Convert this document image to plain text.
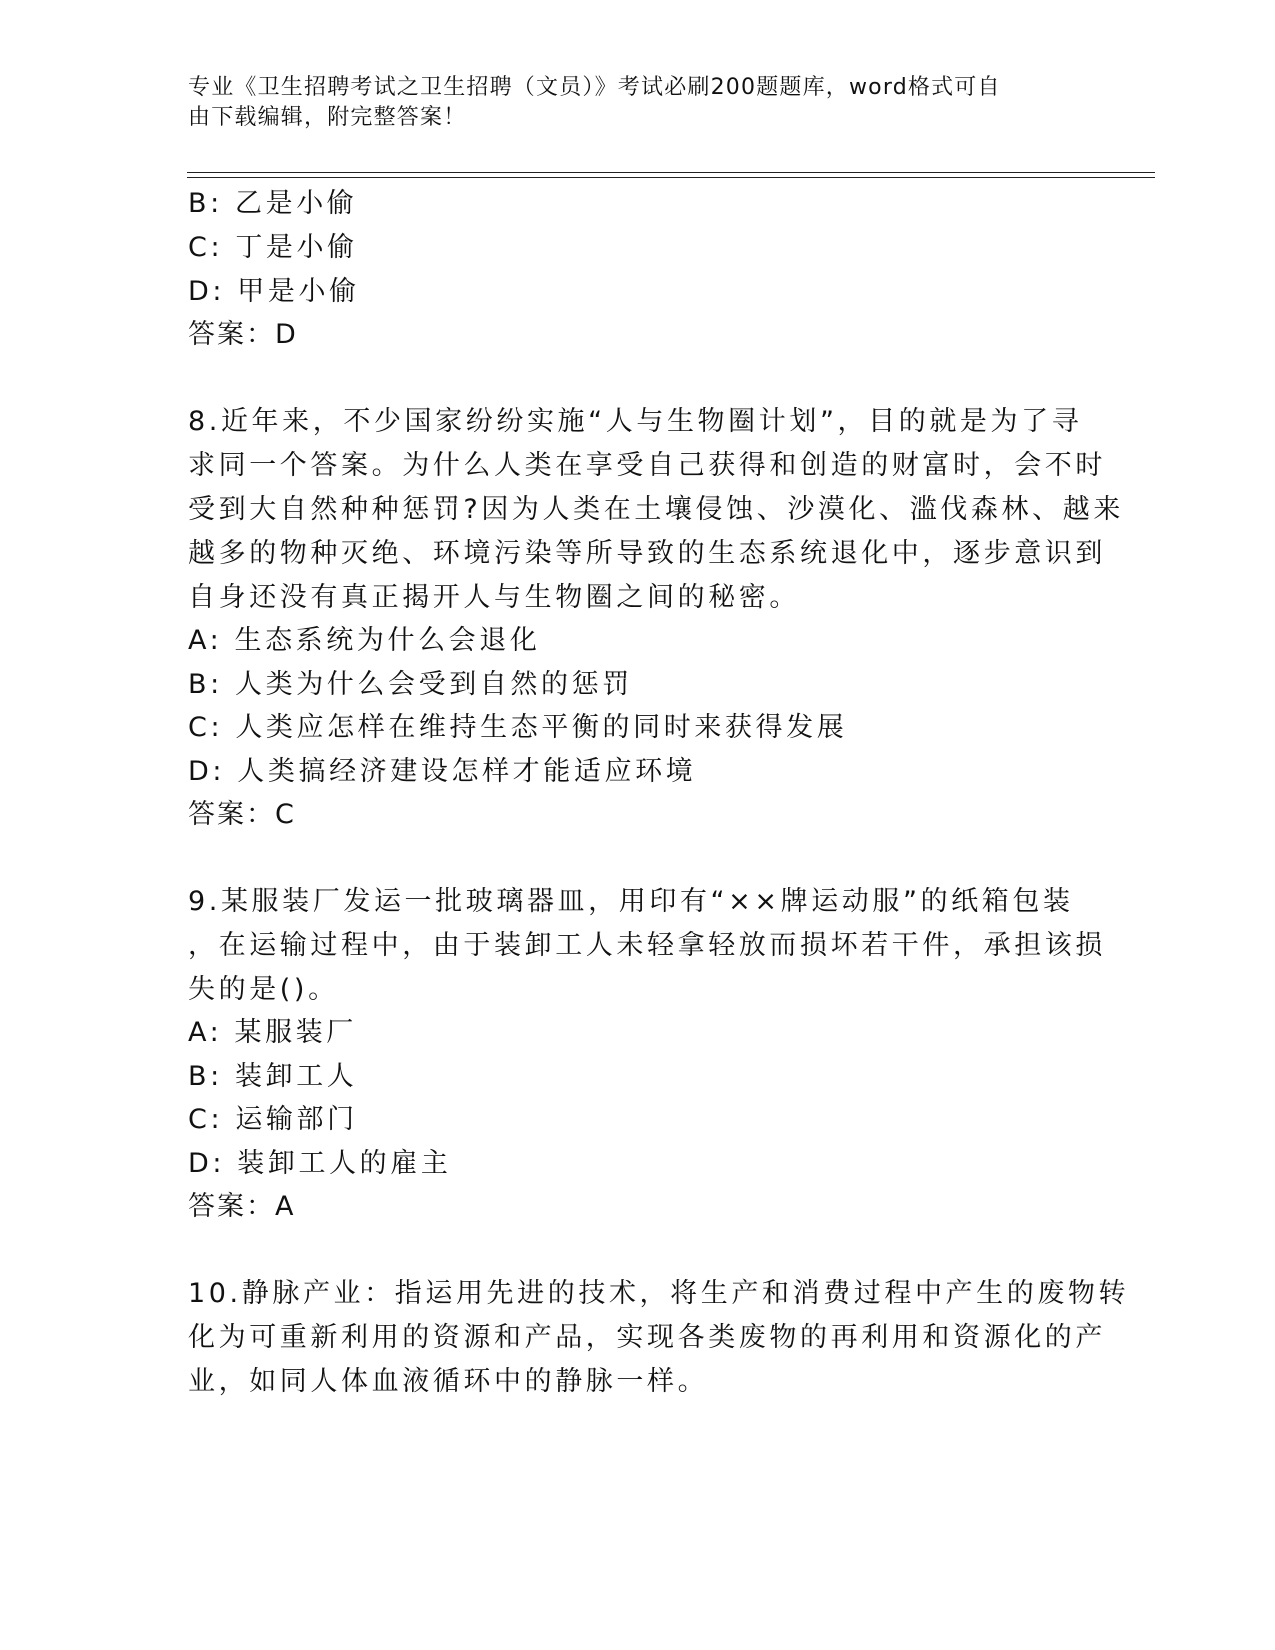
专业《卫生招聘考试之卫生招聘（文员）》考试必刷200题题库，word格式可自
由下载编辑，附完整答案！
B: 乙是小偷
C: 丁是小偷
D: 甲是小偷
答案：D
8.近年来，不少国家纷纷实施“人与生物圈计划”，目的就是为了寻
求同一个答案。为什么人类在享受自己获得和创造的财富时，会不时
受到大自然种种惩罚?因为人类在土壤侵蚀、沙漠化、滥伐森林、越来
越多的物种灭绝、环境污染等所导致的生态系统退化中，逐步意识到
自身还没有真正揭开人与生物圈之间的秘密。
A: 生态系统为什么会退化
B: 人类为什么会受到自然的惩罚
C: 人类应怎样在维持生态平衡的同时来获得发展
D: 人类搞经济建设怎样才能适应环境
答案：C
9.某服装厂发运一批玻璃器皿，用印有“××牌运动服”的纸箱包装
，在运输过程中，由于装卸工人未轻拿轻放而损坏若干件，承担该损
失的是()。
A: 某服装厂
B: 装卸工人
C: 运输部门
D: 装卸工人的雇主
答案：A
10.静脉产业：指运用先进的技术，将生产和消费过程中产生的废物转
化为可重新利用的资源和产品，实现各类废物的再利用和资源化的产
业，如同人体血液循环中的静脉一样。
